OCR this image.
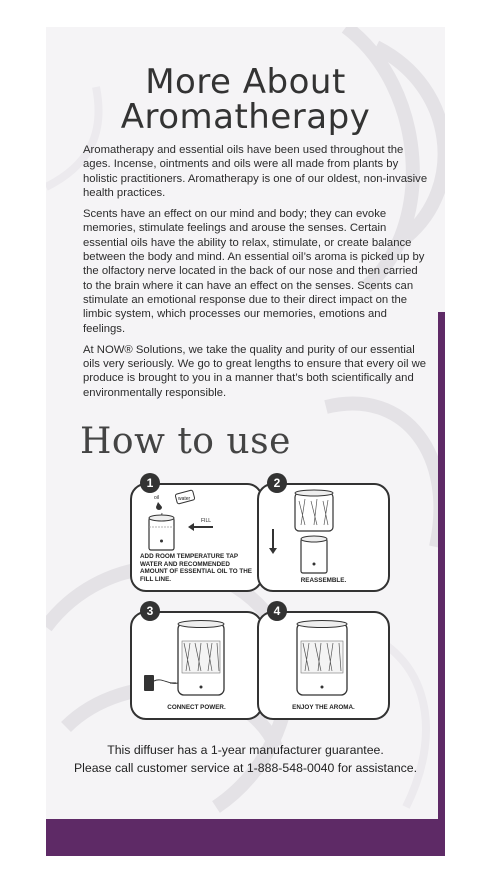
More About
Aromatherapy

Aromatherapy and essential oils have been used throughout the ages. Incense, ointments and oils were all made from plants by holistic practitioners. Aromatherapy is one of our oldest, non-invasive health practices.

Scents have an effect on our mind and body; they can evoke memories, stimulate feelings and arouse the senses. Certain essential oils have the ability to relax, stimulate, or create balance between the body and mind. An essential oil’s aroma is picked up by the olfactory nerve located in the back of our nose and then carried to the brain where it can have an effect on the senses. Scents can stimulate an emotional response due to their direct impact on the limbic system, which processes our memories, emotions and feelings.

At NOW® Solutions, we take the quality and purity of our essential oils very seriously. We go to great lengths to ensure that every oil we produce is brought to you in a manner that’s both scientifically and environmentally responsible.

How to use
oil	water
FILL
1
ADD ROOM TEMPERATURE TAP WATER AND RECOMMENDED AMOUNT OF ESSENTIAL OIL TO THE FILL LINE.
2
REASSEMBLE.
3
CONNECT POWER.
4
ENJOY THE AROMA.
This diffuser has a 1-year manufacturer guarantee.
Please call customer service at 1-888-548-0040 for assistance.
